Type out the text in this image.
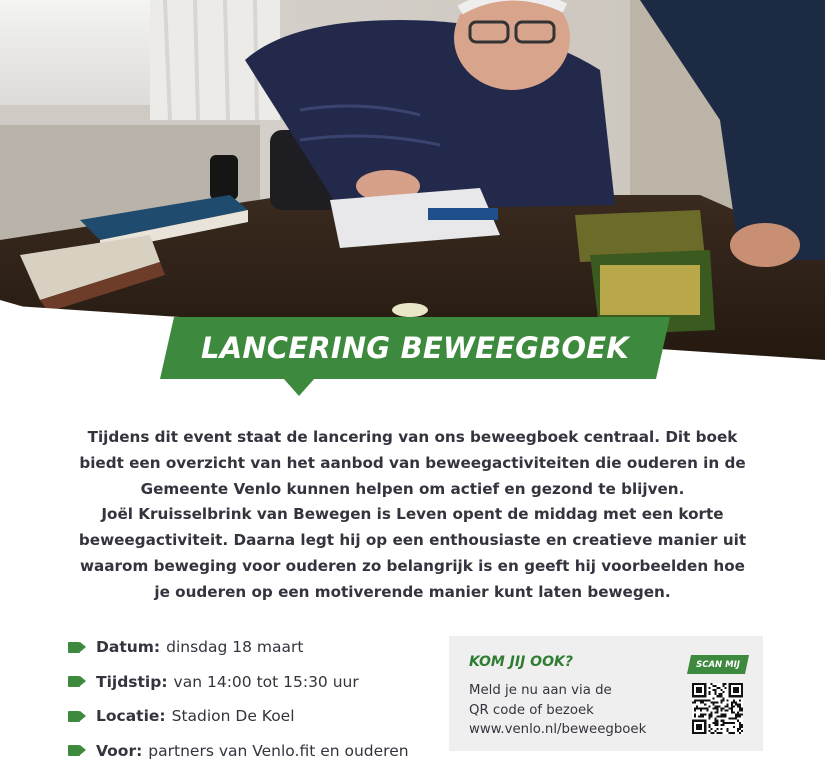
LANCERING BEWEEGBOEK

Tijdens dit event staat de lancering van ons beweegboek centraal. Dit boek

biedt een overzicht van het aanbod van beweegactiviteiten die ouderen in de

Gemeente Venlo kunnen helpen om actief en gezond te blijven.

Joël Kruisselbrink van Bewegen is Leven opent de middag met een korte

beweegactiviteit. Daarna legt hij op een enthousiaste en creatieve manier uit

waarom beweging voor ouderen zo belangrijk is en geeft hij voorbeelden hoe

je ouderen op een motiverende manier kunt laten bewegen.

Datum: dinsdag 18 maart
Tijdstip: van 14:00 tot 15:30 uur
Locatie: Stadion De Koel
Voor: partners van Venlo.fit en ouderen
KOM JIJ OOK?
Meld je nu aan via de
QR code of bezoek
www.venlo.nl/beweegboek
SCAN MIJ
